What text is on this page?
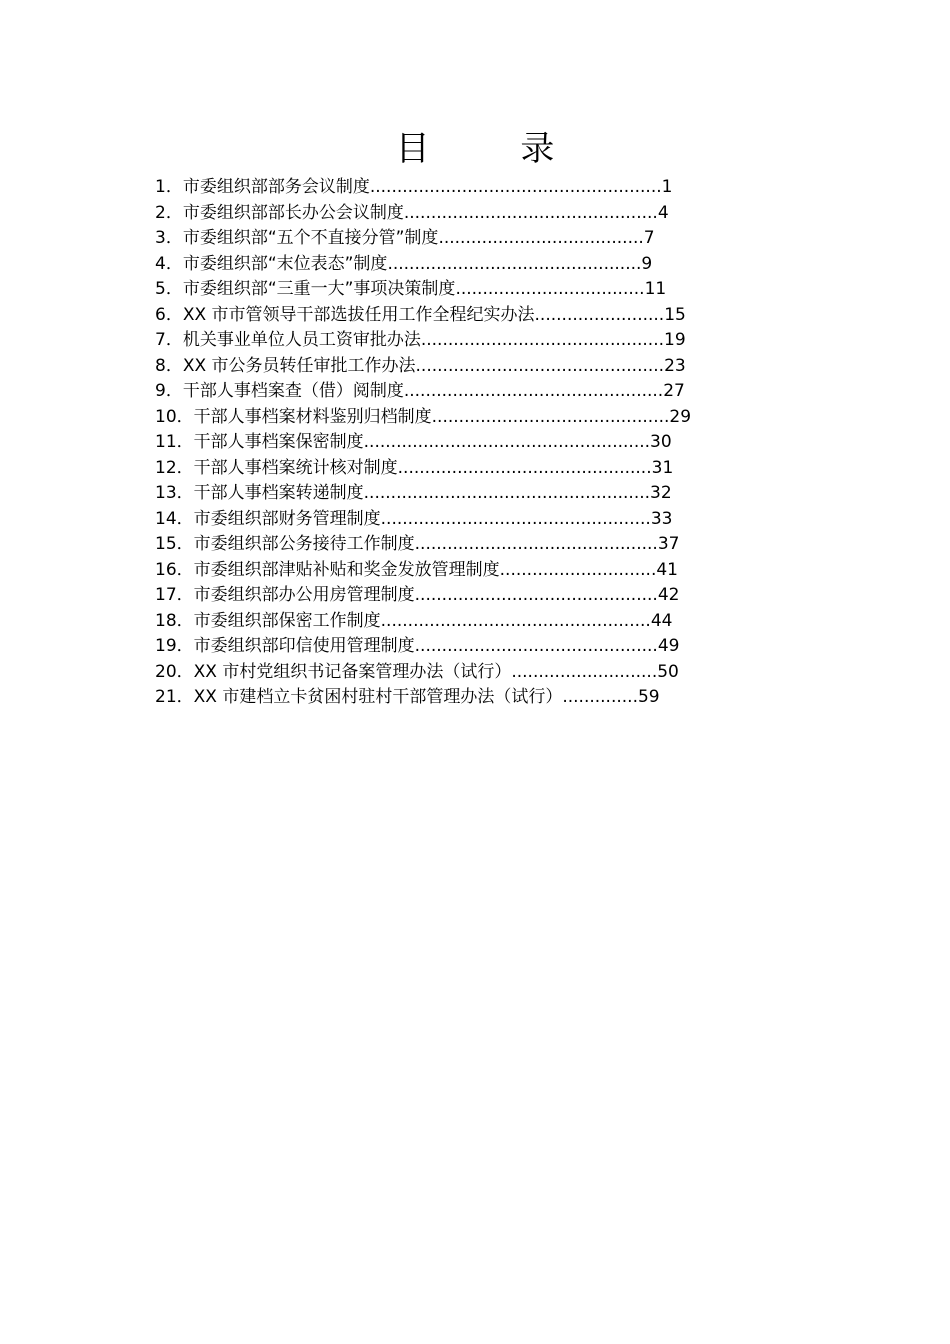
目 录
1．市委组织部部务会议制度......................................................1
2．市委组织部部长办公会议制度...............................................4
3．市委组织部“五个不直接分管”制度......................................7
4．市委组织部“末位表态”制度...............................................9
5．市委组织部“三重一大”事项决策制度...................................11
6．XX 市市管领导干部选拔任用工作全程纪实办法........................15
7．机关事业单位人员工资审批办法.............................................19
8．XX 市公务员转任审批工作办法..............................................23
9．干部人事档案查（借）阅制度................................................27
10．干部人事档案材料鉴别归档制度............................................29
11．干部人事档案保密制度.....................................................30
12．干部人事档案统计核对制度...............................................31
13．干部人事档案转递制度.....................................................32
14．市委组织部财务管理制度..................................................33
15．市委组织部公务接待工作制度.............................................37
16．市委组织部津贴补贴和奖金发放管理制度.............................41
17．市委组织部办公用房管理制度.............................................42
18．市委组织部保密工作制度..................................................44
19．市委组织部印信使用管理制度.............................................49
20．XX 市村党组织书记备案管理办法（试行）...........................50
21．XX 市建档立卡贫困村驻村干部管理办法（试行）..............59
